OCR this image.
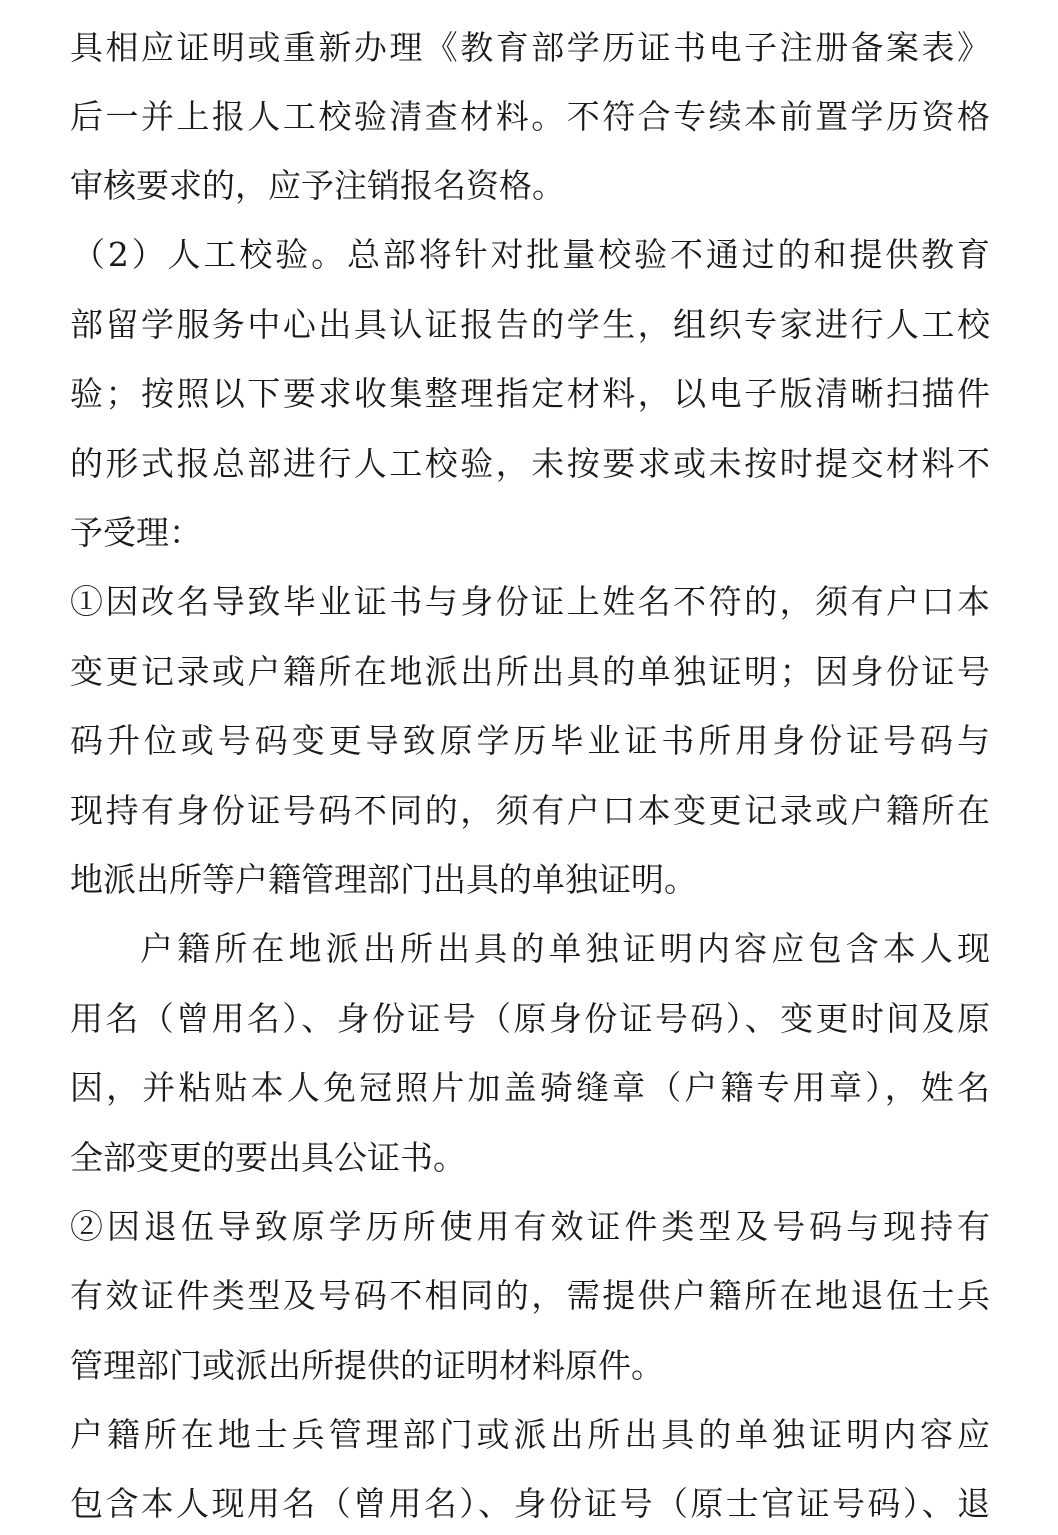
具相应证明或重新办理《教育部学历证书电子注册备案表》
后一并上报人工校验清查材料。不符合专续本前置学历资格
审核要求的，应予注销报名资格。
（2）人工校验。总部将针对批量校验不通过的和提供教育
部留学服务中心出具认证报告的学生，组织专家进行人工校
验；按照以下要求收集整理指定材料，以电子版清晰扫描件
的形式报总部进行人工校验，未按要求或未按时提交材料不
予受理：
①因改名导致毕业证书与身份证上姓名不符的，须有户口本
变更记录或户籍所在地派出所出具的单独证明；因身份证号
码升位或号码变更导致原学历毕业证书所用身份证号码与
现持有身份证号码不同的，须有户口本变更记录或户籍所在
地派出所等户籍管理部门出具的单独证明。
户籍所在地派出所出具的单独证明内容应包含本人现
用名（曾用名）、身份证号（原身份证号码）、变更时间及原
因，并粘贴本人免冠照片加盖骑缝章（户籍专用章），姓名
全部变更的要出具公证书。
②因退伍导致原学历所使用有效证件类型及号码与现持有
有效证件类型及号码不相同的，需提供户籍所在地退伍士兵
管理部门或派出所提供的证明材料原件。
户籍所在地士兵管理部门或派出所出具的单独证明内容应
包含本人现用名（曾用名）、身份证号（原士官证号码）、退
